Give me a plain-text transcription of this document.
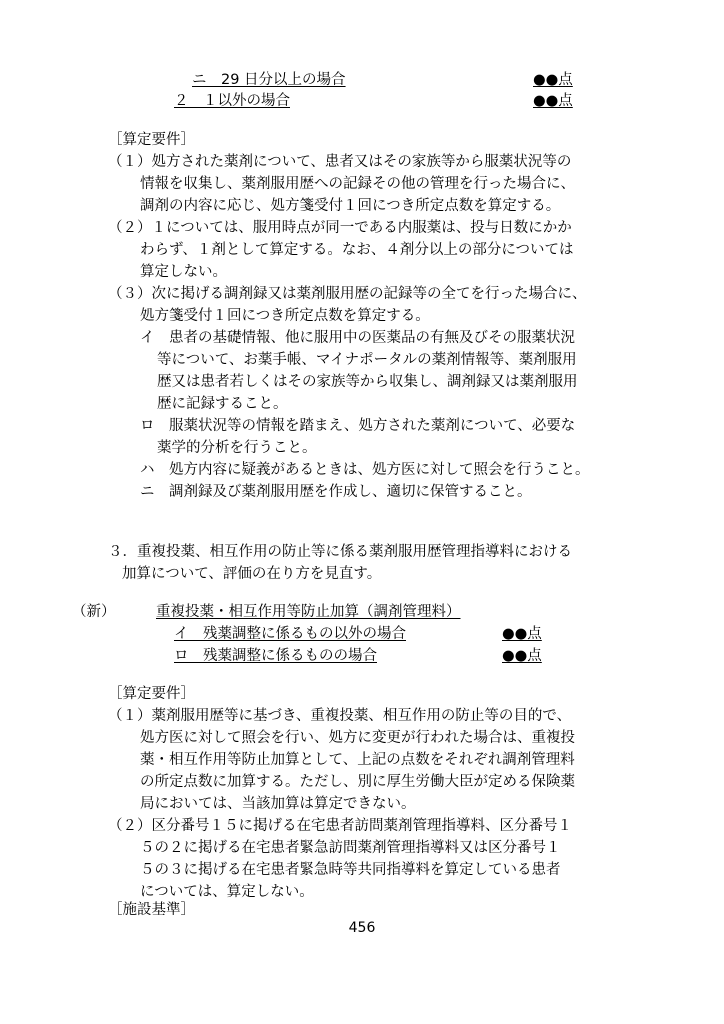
ニ　29 日分以上の場合	●●点
２　１以外の場合	●●点
［算定要件］
（１）処方された薬剤について、患者又はその家族等から服薬状況等の
情報を収集し、薬剤服用歴への記録その他の管理を行った場合に、
調剤の内容に応じ、処方箋受付１回につき所定点数を算定する。
（２）１については、服用時点が同一である内服薬は、投与日数にかか
わらず、１剤として算定する。なお、４剤分以上の部分については
算定しない。
（３）次に掲げる調剤録又は薬剤服用歴の記録等の全てを行った場合に、
処方箋受付１回につき所定点数を算定する。
イ　患者の基礎情報、他に服用中の医薬品の有無及びその服薬状況
等について、お薬手帳、マイナポータルの薬剤情報等、薬剤服用
歴又は患者若しくはその家族等から収集し、調剤録又は薬剤服用
歴に記録すること。
ロ　服薬状況等の情報を踏まえ、処方された薬剤について、必要な
薬学的分析を行うこと。
ハ　処方内容に疑義があるときは、処方医に対して照会を行うこと。
ニ　調剤録及び薬剤服用歴を作成し、適切に保管すること。
３．重複投薬、相互作用の防止等に係る薬剤服用歴管理指導料における
加算について、評価の在り方を見直す。
（新）	重複投薬・相互作用等防止加算（調剤管理料）
イ　残薬調整に係るもの以外の場合	●●点
ロ　残薬調整に係るものの場合	●●点
［算定要件］
（１）薬剤服用歴等に基づき、重複投薬、相互作用の防止等の目的で、
処方医に対して照会を行い、処方に変更が行われた場合は、重複投
薬・相互作用等防止加算として、上記の点数をそれぞれ調剤管理料
の所定点数に加算する。ただし、別に厚生労働大臣が定める保険薬
局においては、当該加算は算定できない。
（２）区分番号１５に掲げる在宅患者訪問薬剤管理指導料、区分番号１
５の２に掲げる在宅患者緊急訪問薬剤管理指導料又は区分番号１
５の３に掲げる在宅患者緊急時等共同指導料を算定している患者
については、算定しない。
［施設基準］
456
